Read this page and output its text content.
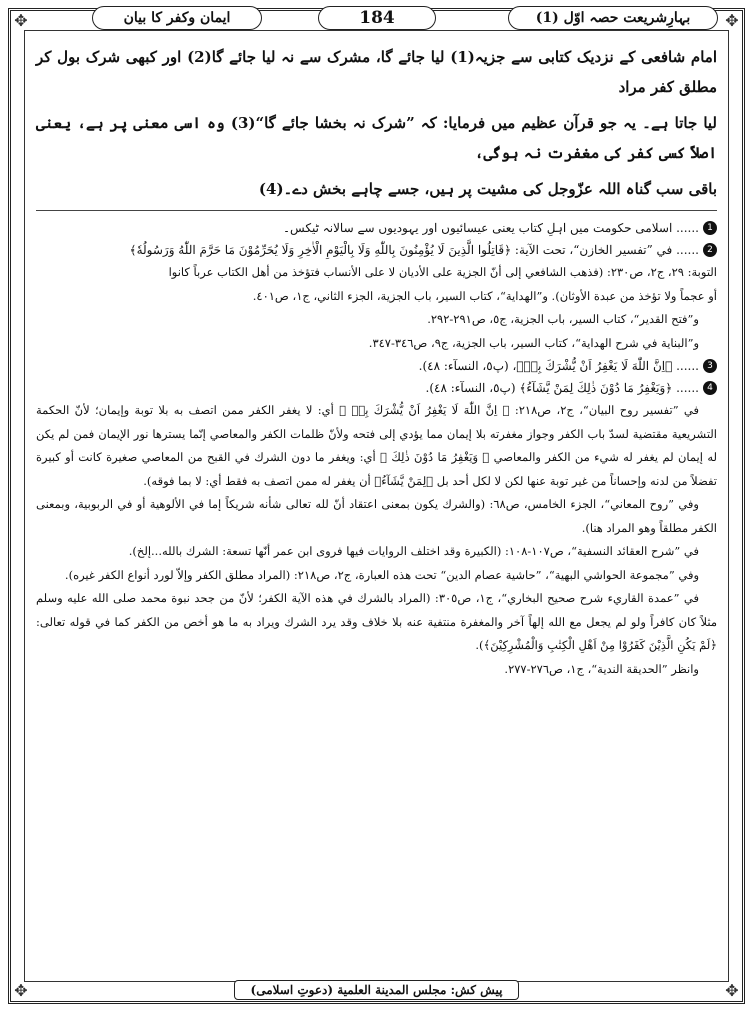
✥	✥
✥	✥
بہارِشریعت حصہ اوّل (1)
184
ایمان وکفر کا بیان

امام شافعی کے نزدیک کتابی سے جزیہ(1) لیا جائے گا، مشرک سے نہ لیا جائے گا(2) اور کبھی شرک بول کر مطلق کفر مراد

لیا جاتا ہے۔ یہ جو قرآن عظیم میں فرمایا: کہ ”شرک نہ بخشا جائے گا“(3) وہ اسی معنی پر ہے، یعنی اصلاً کسی کفر کی مغفرت نہ ہوگی،

باقی سب گناہ اللہ عزّوجل کی مشیت پر ہیں، جسے چاہے بخش دے۔(4)

1
...... اسلامی حکومت میں اہلِ کتاب یعنی عیسائیوں اور یہودیوں سے سالانہ ٹیکس۔
2
...... في ”تفسير الخازن“، تحت الآية: ﴿قَاتِلُوا الَّذِينَ لَا يُؤْمِنُونَ بِاللّٰهِ وَلَا بِالْيَوْمِ الْاٰخِرِ وَلَا يُحَرِّمُوْنَ مَا حَرَّمَ اللّٰهُ وَرَسُولُهٗ﴾

التوبة: ٢٩، ج٢، ص٢٣٠: (فذهب الشافعي إلى أنّ الجزية على الأديان لا على الأنساب فتؤخذ من أهل الكتاب عرباً كانوا

أو عجماً ولا تؤخذ من عبدة الأوثان). و”الهداية“، كتاب السير، باب الجزية، الجزء الثاني، ج١، ص٤٠١.

و”فتح القدير“، كتاب السير، باب الجزية، ج٥، ص٢٩١-٢٩٢.

و”البناية في شرح الهداية“، كتاب السير، باب الجزية، ج٩، ص٣٤٦-٣٤٧.

3
...... ﴿اِنَّ اللّٰهَ لَا يَغْفِرُ اَنْ يُّشْرَكَ بِهٖ﴾، (پ٥، النسآء: ٤٨).
4
...... ﴿وَيَغْفِرُ مَا دُوْنَ ذٰلِكَ لِمَنْ يَّشَآءُ﴾ (پ٥، النسآء: ٤٨).

في ”تفسير روح البيان“، ج٢، ص٢١٨: ﴿ اِنَّ اللّٰهَ لَا يَغْفِرُ اَنْ يُّشْرَكَ بِهٖ ﴾ أي: لا يغفر الكفر ممن اتصف به بلا توبة وإيمان؛ لأنّ الحكمة التشريعية مقتضية لسدّ باب الكفر وجواز مغفرته بلا إيمان مما يؤدي إلى فتحه ولأنّ ظلمات الكفر والمعاصي إنّما يسترها نور الإيمان فمن لم يكن له إيمان لم يغفر له شيء من الكفر والمعاصي ﴿ وَيَغْفِرُ مَا دُوْنَ ذٰلِكَ ﴾ أي: ويغفر ما دون الشرك في القبح من المعاصي صغيرة كانت أو كبيرة تفضلاً من لدنه وإحساناً من غير توبة عنها لكن لا لكل أحد بل ﴿لِمَنْ يَّشَآءُ﴾ أن يغفر له ممن اتصف به فقط أي: لا بما فوقه).

وفي ”روح المعاني“، الجزء الخامس، ص٦٨: (والشرك يكون بمعنى اعتقاد أنّ لله تعالى شأنه شريكاً إما في الألوهية أو في الربوبية، وبمعنى الكفر مطلقاً وهو المراد هنا).

في ”شرح العقائد النسفية“، ص١٠٧-١٠٨: (الكبيرة وقد اختلف الروايات فيها فروى ابن عمر أنّها تسعة: الشرك بالله...إلخ).

وفي ”مجموعة الحواشي البهية“، ”حاشية عصام الدين“ تحت هذه العبارة، ج٢، ص٢١٨: (المراد مطلق الكفر وإلاّ لورد أنواع الكفر غيره).

في ”عمدة القاريء شرح صحيح البخاري“، ج١، ص٣٠٥: (المراد بالشرك في هذه الآية الكفر؛ لأنّ من جحد نبوة محمد صلى الله عليه وسلم مثلاً كان كافراً ولو لم يجعل مع الله إلهاً آخر والمغفرة منتفية عنه بلا خلاف وقد يرد الشرك ويراد به ما هو أخص من الكفر كما في قوله تعالى: ﴿لَمْ يَكُنِ الَّذِيْنَ كَفَرُوْا مِنْ اَهْلِ الْكِتٰبِ وَالْمُشْرِكِيْنَ﴾).

وانظر ”الحديقة الندية“، ج١، ص٢٧٦-٢٧٧.

پیش کش: مجلس المدينة العلمية (دعوتِ اسلامی)
